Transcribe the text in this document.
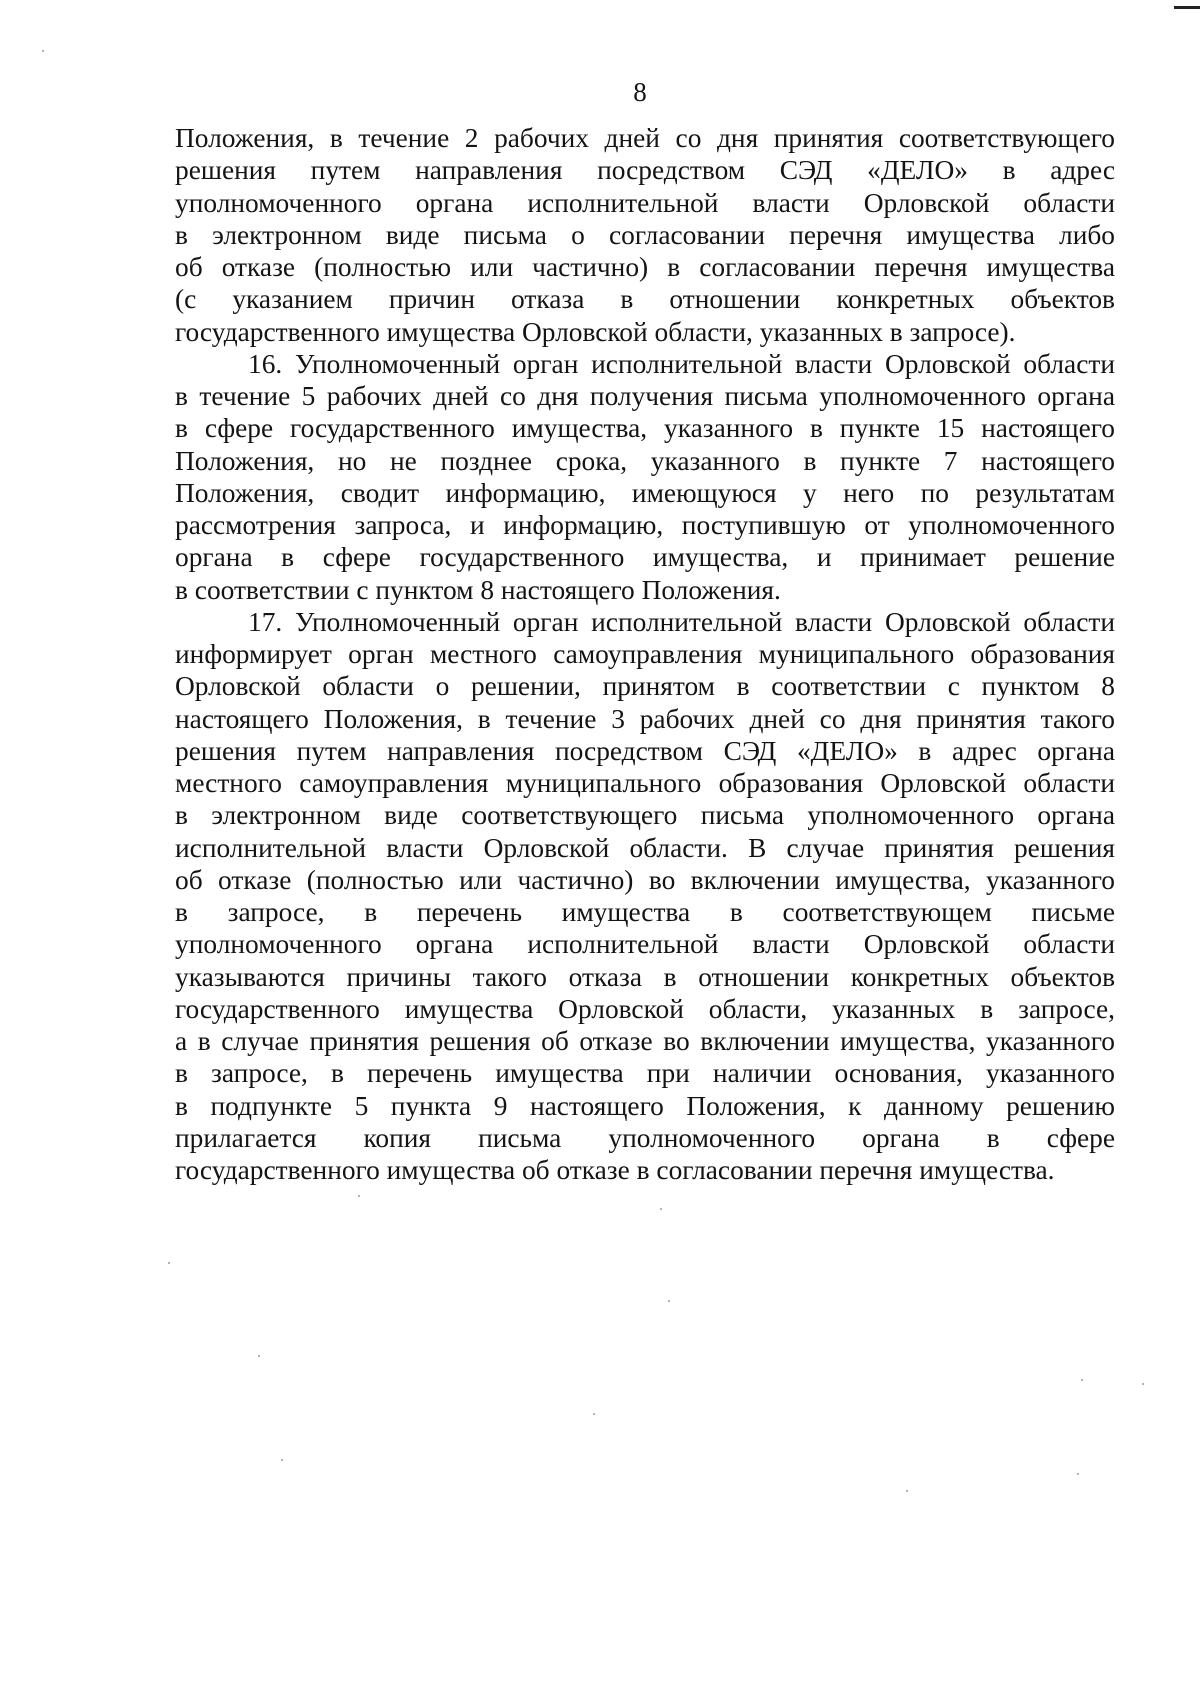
8

Положения, в течение 2 рабочих дней со дня принятия соответствующего
решения путем направления посредством СЭД «ДЕЛО» в адрес
уполномоченного органа исполнительной власти Орловской области
в электронном виде письма о согласовании перечня имущества либо
об отказе (полностью или частично) в согласовании перечня имущества
(с указанием причин отказа в отношении конкретных объектов
государственного имущества Орловской области, указанных в запросе).

16. Уполномоченный орган исполнительной власти Орловской области
в течение 5 рабочих дней со дня получения письма уполномоченного органа
в сфере государственного имущества, указанного в пункте 15 настоящего
Положения, но не позднее срока, указанного в пункте 7 настоящего
Положения, сводит информацию, имеющуюся у него по результатам
рассмотрения запроса, и информацию, поступившую от уполномоченного
органа в сфере государственного имущества, и принимает решение
в соответствии с пунктом 8 настоящего Положения.

17. Уполномоченный орган исполнительной власти Орловской области
информирует орган местного самоуправления муниципального образования
Орловской области о решении, принятом в соответствии с пунктом 8
настоящего Положения, в течение 3 рабочих дней со дня принятия такого
решения путем направления посредством СЭД «ДЕЛО» в адрес органа
местного самоуправления муниципального образования Орловской области
в электронном виде соответствующего письма уполномоченного органа
исполнительной власти Орловской области. В случае принятия решения
об отказе (полностью или частично) во включении имущества, указанного
в запросе, в перечень имущества в соответствующем письме
уполномоченного органа исполнительной власти Орловской области
указываются причины такого отказа в отношении конкретных объектов
государственного имущества Орловской области, указанных в запросе,
а в случае принятия решения об отказе во включении имущества, указанного
в запросе, в перечень имущества при наличии основания, указанного
в подпункте 5 пункта 9 настоящего Положения, к данному решению
прилагается копия письма уполномоченного органа в сфере
государственного имущества об отказе в согласовании перечня имущества.
